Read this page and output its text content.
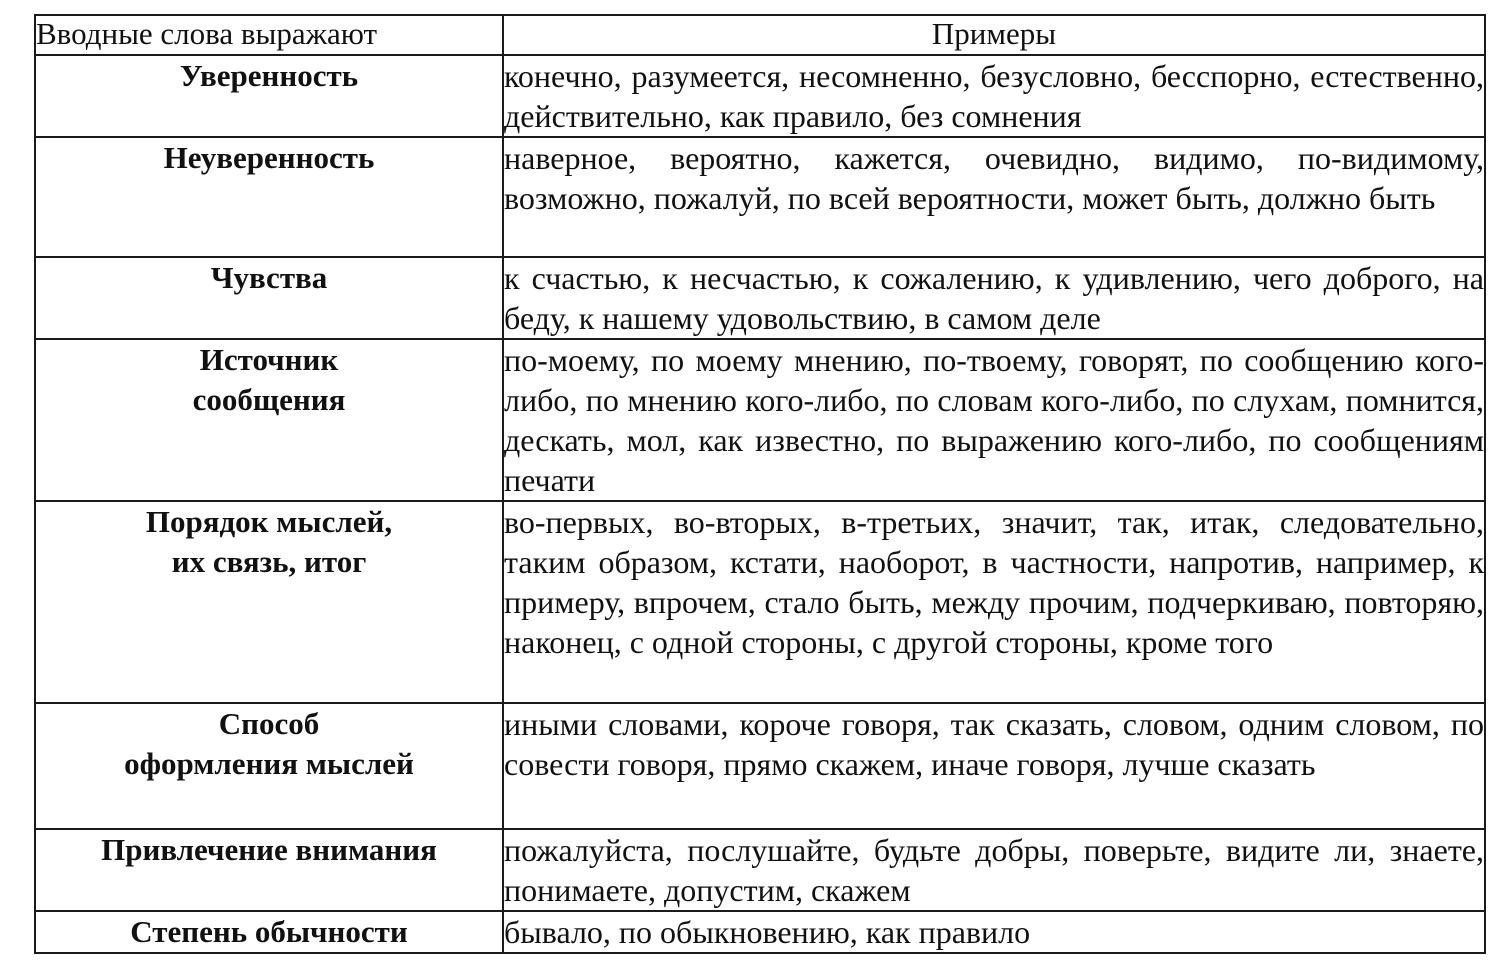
Вводные слова выражают	Примеры

Уверенность	конечно, разумеется, несомненно, безусловно, бесспорно, естественно, действительно, как правило, без сомнения

Неуверенность	наверное, вероятно, кажется, очевидно, видимо, по-видимому, возможно, пожалуй, по всей вероятности, может быть, должно быть

Чувства	к счастью, к несчастью, к сожалению, к удивлению, чего доброго, на беду, к нашему удовольствию, в самом деле

Источник
сообщения	по-моему, по моему мнению, по-твоему, говорят, по сообщению кого-либо, по мнению кого-либо, по словам кого-либо, по слухам, помнится, дескать, мол, как известно, по выражению кого-либо, по сообщениям печати

Порядок мыслей,
их связь, итог	во-первых, во-вторых, в-третьих, значит, так, итак, следовательно, таким образом, кстати, наоборот, в частности, напротив, например, к примеру, впрочем, стало быть, между прочим, подчеркиваю, повторяю, наконец, с одной стороны, с другой стороны, кроме того

Способ
оформления мыслей	иными словами, короче говоря, так сказать, словом, одним словом, по совести говоря, прямо скажем, иначе говоря, лучше сказать

Привлечение внимания	пожалуйста, послушайте, будьте добры, поверьте, видите ли, знаете, понимаете, допустим, скажем

Степень обычности	бывало, по обыкновению, как правило
